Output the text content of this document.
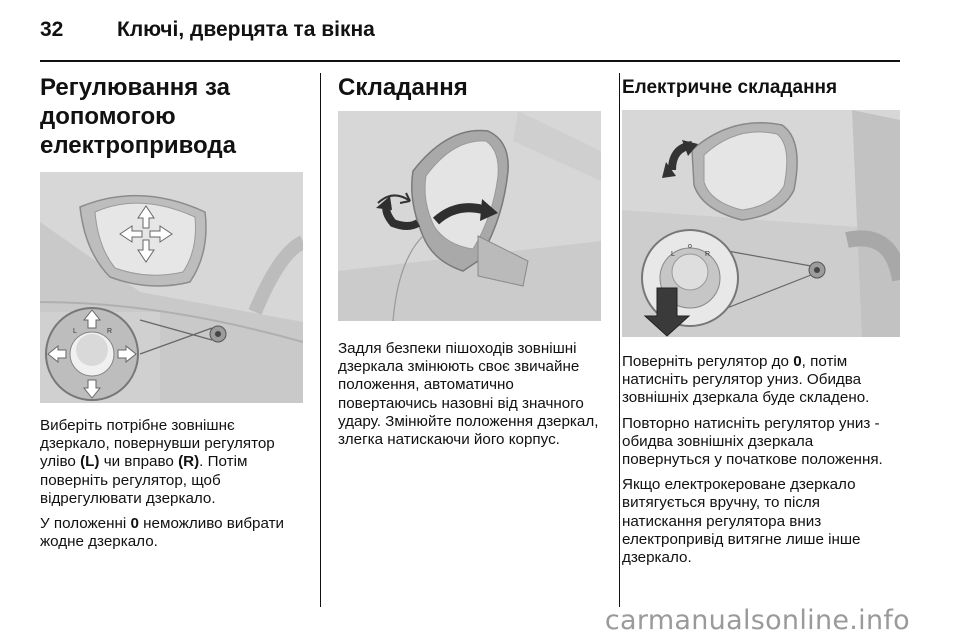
32	Ключі, дверцята та вікна
Регулювання за допомогою електропривода
L	R

Виберіть потрібне зовнішнє дзеркало, повернувши регулятор уліво (L) чи вправо (R). Потім поверніть регулятор, щоб відрегулювати дзеркало.

У положенні 0 неможливо вибрати жодне дзеркало.

Складання

Задля безпеки пішоходів зовнішні дзеркала змінюють своє звичайне положення, автоматично повертаючись назовні від значного удару. Змінюйте положення дзеркал, злегка натискаючи його корпус.

Електричне складання
L
o
R

Поверніть регулятор до 0, потім натисніть регулятор униз. Обидва зовнішніх дзеркала буде складено.

Повторно натисніть регулятор униз - обидва зовнішніх дзеркала повернуться у початкове положення.

Якщо електрокероване дзеркало витягується вручну, то після натискання регулятора вниз електропривід витягне лише інше дзеркало.

carmanualsonline.info
